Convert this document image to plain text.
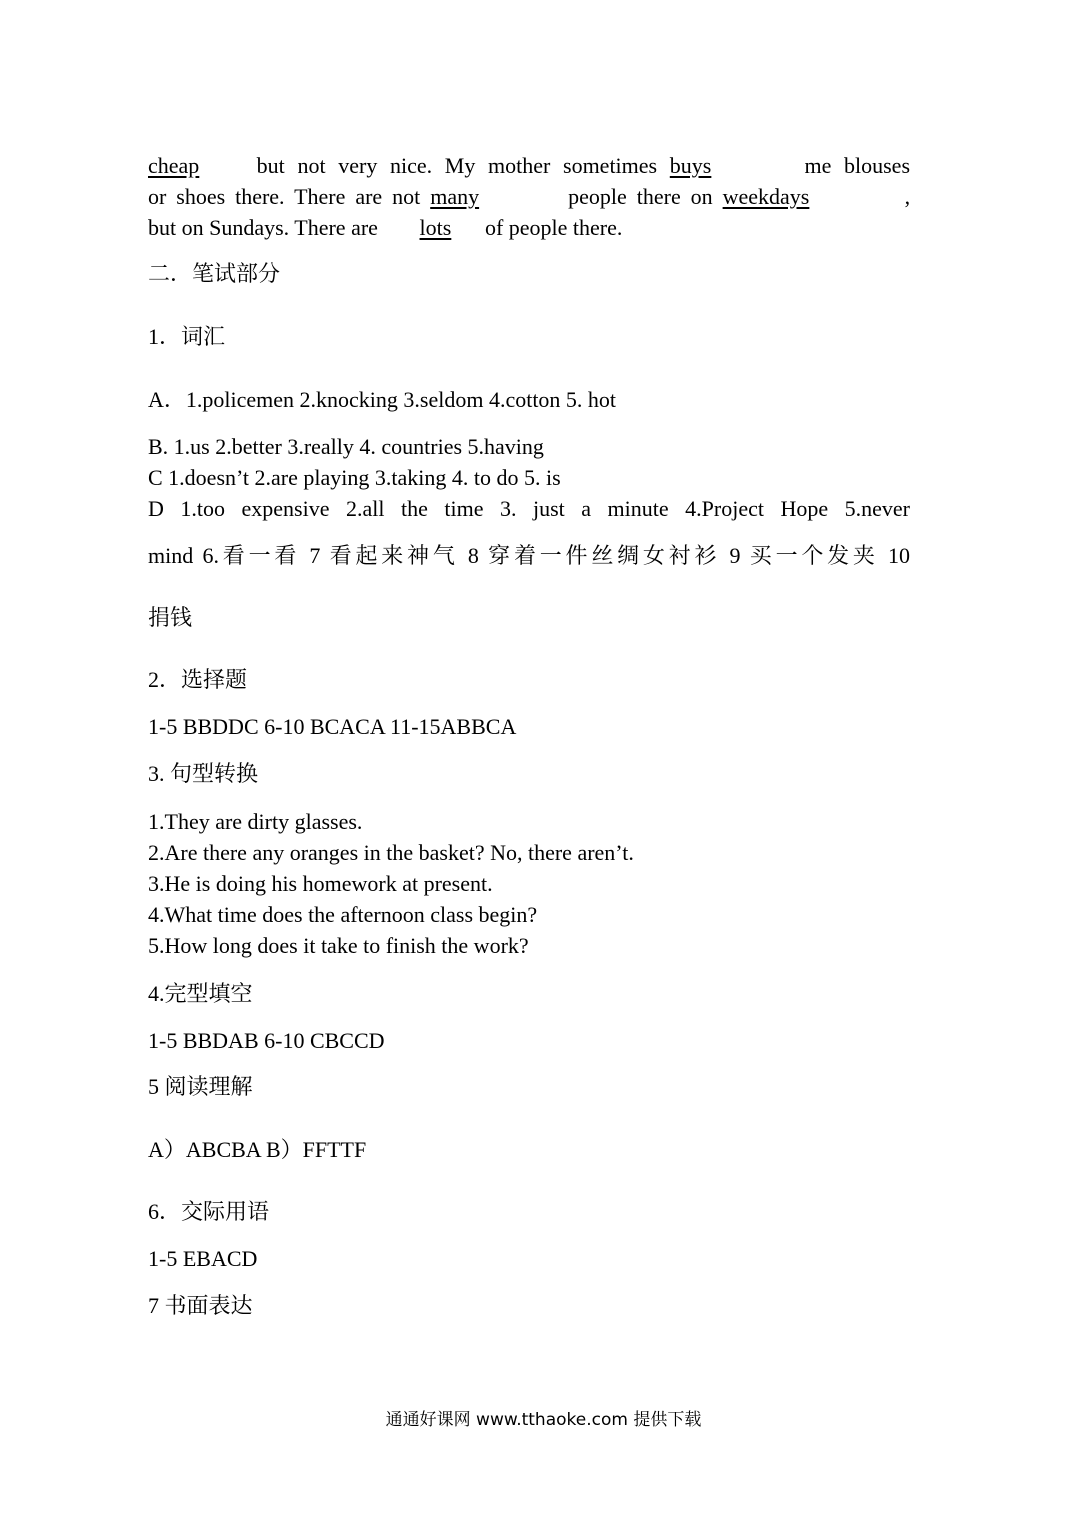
cheap	but not very nice. My mother sometimes buys	me blouses
or shoes there. There are not many	people there on weekdays	,
but on Sundays. There are lots of people there.
二．笔试部分
1．词汇
A．1.policemen 2.knocking 3.seldom 4.cotton 5. hot
B. 1.us 2.better 3.really 4. countries 5.having
C 1.doesn’t 2.are playing 3.taking 4. to do 5. is
D 1.too expensive 2.all the time 3. just a minute 4.Project Hope 5.never
mind 6.看一看 7 看起来神气 8 穿着一件丝绸女衬衫 9 买一个发夹 10
捐钱
2．选择题
1-5 BBDDC 6-10 BCACA 11-15ABBCA
3. 句型转换
1.They are dirty glasses.
2.Are there any oranges in the basket? No, there aren’t.
3.He is doing his homework at present.
4.What time does the afternoon class begin?
5.How long does it take to finish the work?
4.完型填空
1-5 BBDAB 6-10 CBCCD
5 阅读理解
A）ABCBA B）FFTTF
6．交际用语
1-5 EBACD
7 书面表达
通通好课网 www.tthaoke.com 提供下载
